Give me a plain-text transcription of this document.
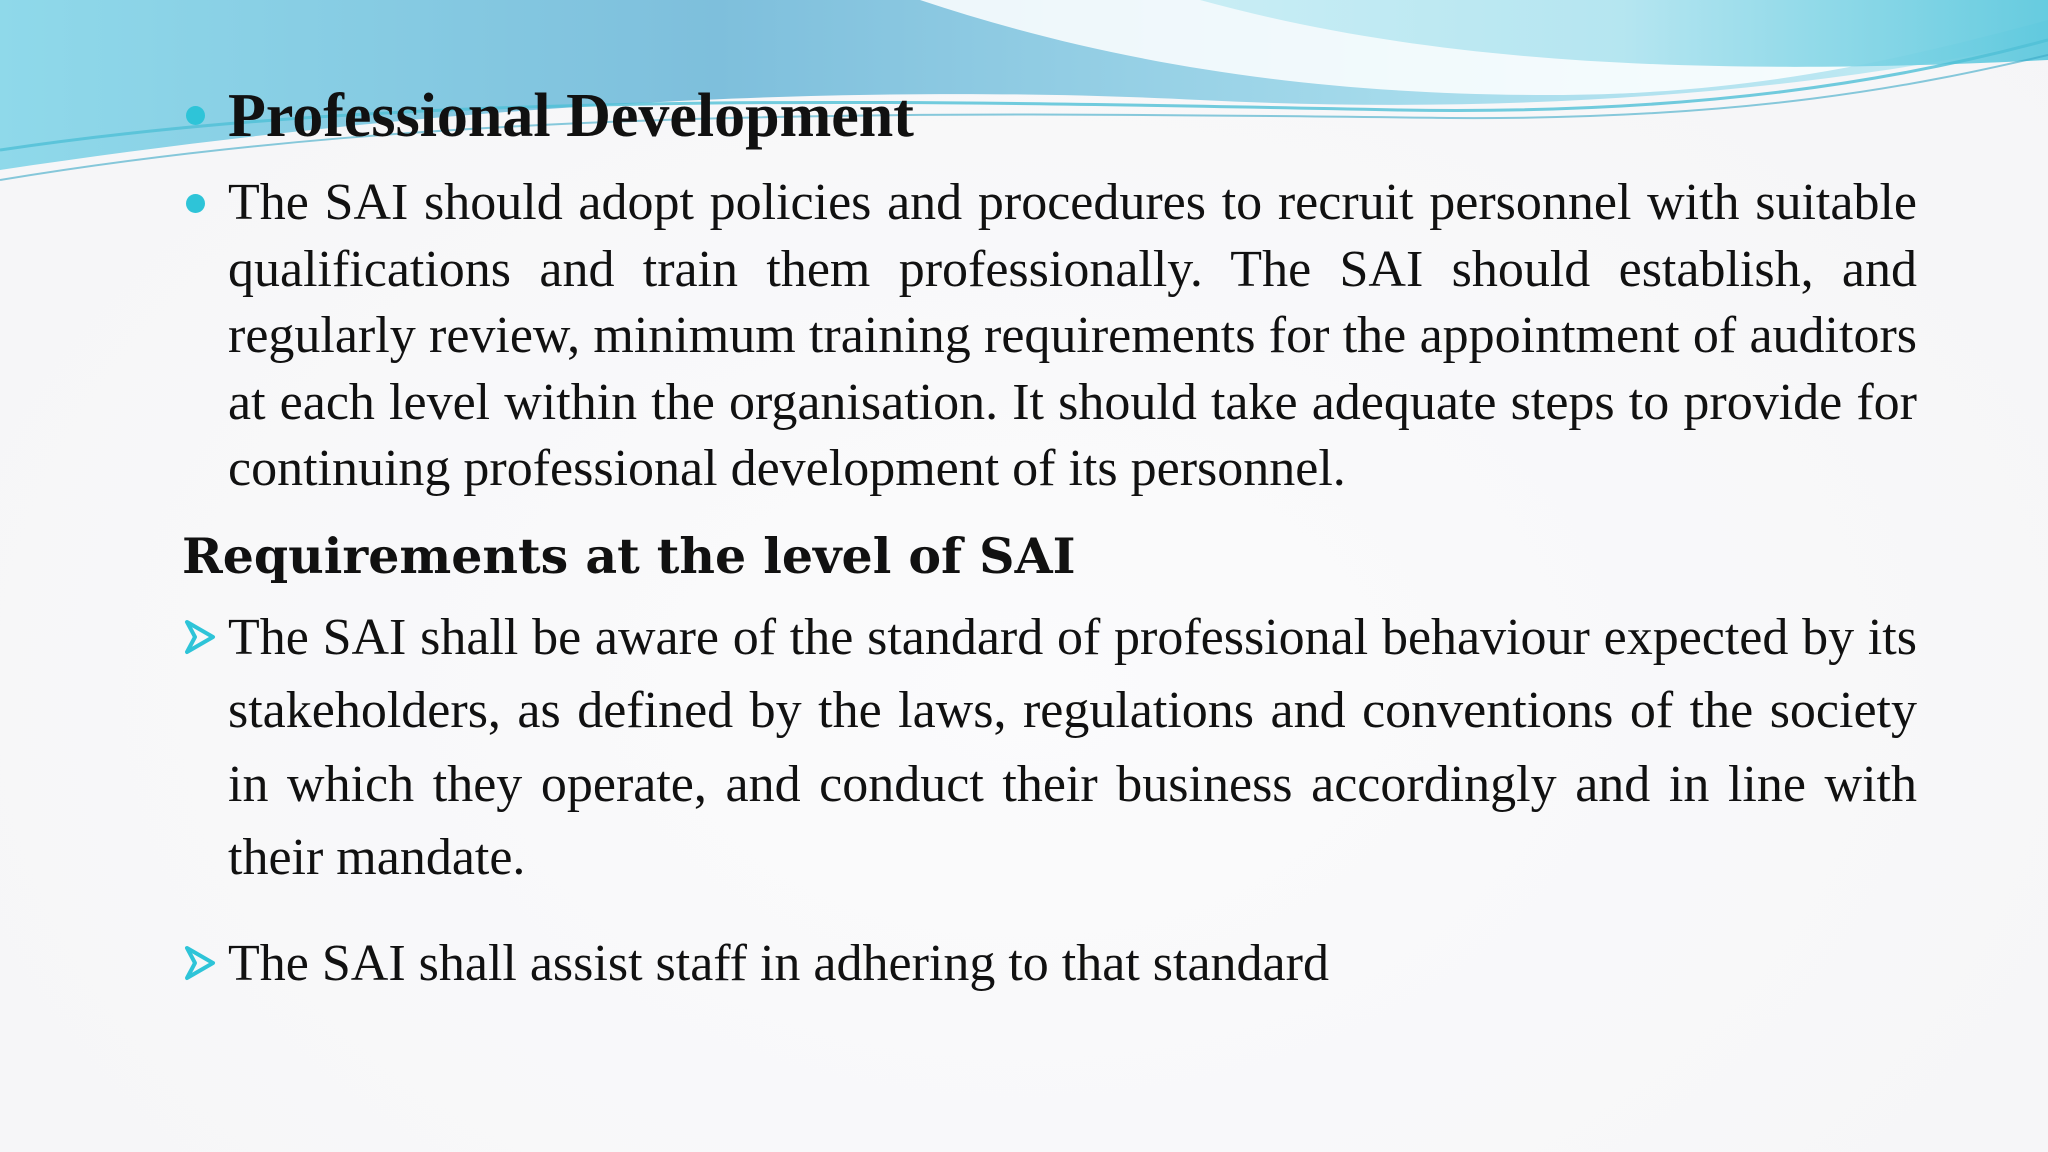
Professional Development

The SAI should adopt policies and procedures to recruit personnel with suitable qualifications and train them professionally. The SAI should establish, and regularly review, minimum training requirements for the appointment of auditors at each level within the organisation. It should take adequate steps to provide for continuing professional development of its personnel.

Requirements at the level of SAI

The SAI shall be aware of the standard of professional behaviour expected by its stakeholders, as defined by the laws, regulations and conventions of the society in which they operate, and conduct their business accordingly and in line with their mandate.

The SAI shall assist staff in adhering to that standard
